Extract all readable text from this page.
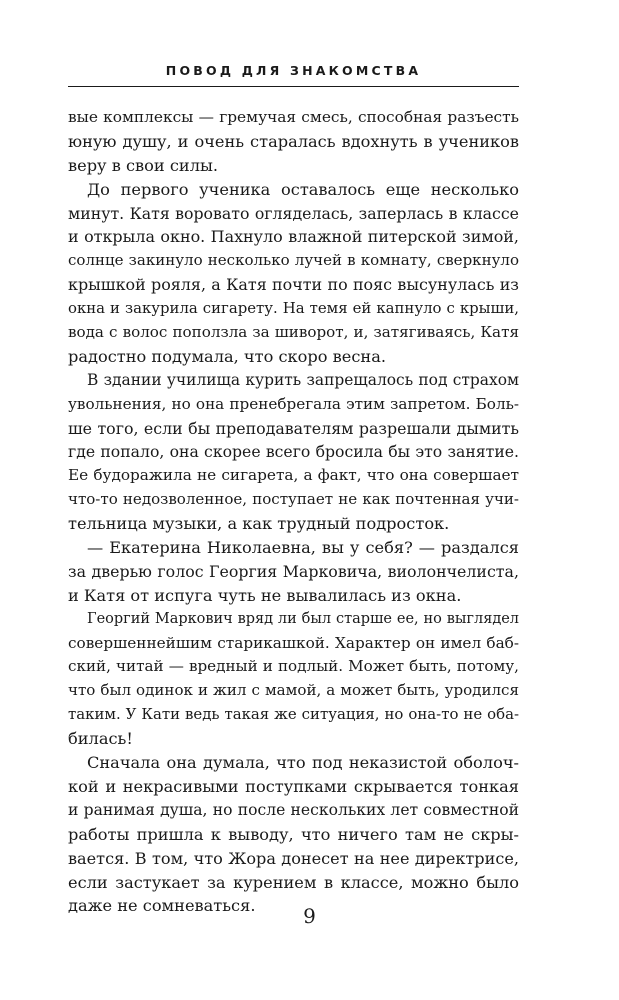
ПОВОД ДЛЯ ЗНАКОМСТВА
вые комплексы — гремучая смесь, способная разъесть
юную душу, и очень старалась вдохнуть в учеников
веру в свои силы.
До первого ученика оставалось еще несколько
минут. Катя воровато огляделась, заперлась в классе
и открыла окно. Пахнуло влажной питерской зимой,
солнце закинуло несколько лучей в комнату, сверкнуло
крышкой рояля, а Катя почти по пояс высунулась из
окна и закурила сигарету. На темя ей капнуло с крыши,
вода с волос поползла за шиворот, и, затягиваясь, Катя
радостно подумала, что скоро весна.
В здании училища курить запрещалось под страхом
увольнения, но она пренебрегала этим запретом. Боль-
ше того, если бы преподавателям разрешали дымить
где попало, она скорее всего бросила бы это занятие.
Ее будоражила не сигарета, а факт, что она совершает
что-то недозволенное, поступает не как почтенная учи-
тельница музыки, а как трудный подросток.
— Екатерина Николаевна, вы у себя? — раздался
за дверью голос Георгия Марковича, виолончелиста,
и Катя от испуга чуть не вывалилась из окна.
Георгий Маркович вряд ли был старше ее, но выглядел
совершеннейшим старикашкой. Характер он имел баб-
ский, читай — вредный и подлый. Может быть, потому,
что был одинок и жил с мамой, а может быть, уродился
таким. У Кати ведь такая же ситуация, но она-то не оба-
билась!
Сначала она думала, что под неказистой оболоч-
кой и некрасивыми поступками скрывается тонкая
и ранимая душа, но после нескольких лет совместной
работы пришла к выводу, что ничего там не скры-
вается. В том, что Жора донесет на нее директрисе,
если застукает за курением в классе, можно было
даже не сомневаться.	9
